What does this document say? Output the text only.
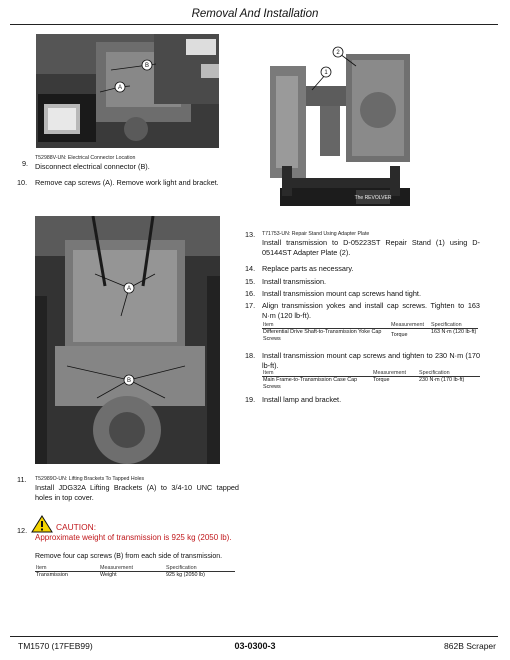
Removal And Installation
B
A
T52988V-UN: Electrical Connector Location
9. Disconnect electrical connector (B).
10. Remove cap screws (A). Remove work light and bracket.
The REVOLVER
1
2
A
B
T71753-UN: Repair Stand Using Adapter Plate
13.
Install transmission to D-05223ST Repair Stand (1) using D-05144ST Adapter Plate (2).
14. Replace parts as necessary.
15. Install transmission.
16. Install transmission mount cap screws hand tight.
17. Align transmission yokes and install cap screws. Tighten to 163 N·m (120 lb-ft).
Item	Measurement	Specification
Differential Drive Shaft-to-Transmission Yoke Cap Screws	Torque	163 N·m (120 lb-ft)
18. Install transmission mount cap screws and tighten to 230 N·m (170 lb-ft).
Item	Measurement	Specification
Main Frame-to-Transmission Case Cap Screws	Torque	230 N·m (170 lb-ft)
19. Install lamp and bracket.
T52989O-UN: Lifting Brackets To Tapped Holes
11.
Install JDG32A Lifting Brackets (A) to 3/4-10 UNC tapped holes in top cover.
12.	CAUTION:
Approximate weight of transmission is 925 kg (2050 lb).
Remove four cap screws (B) from each side of transmission.
Item	Measurement	Specification
Transmission	Weight	925 kg (2050 lb)
TM1570 (17FEB99)	03-0300-3	862B Scraper
